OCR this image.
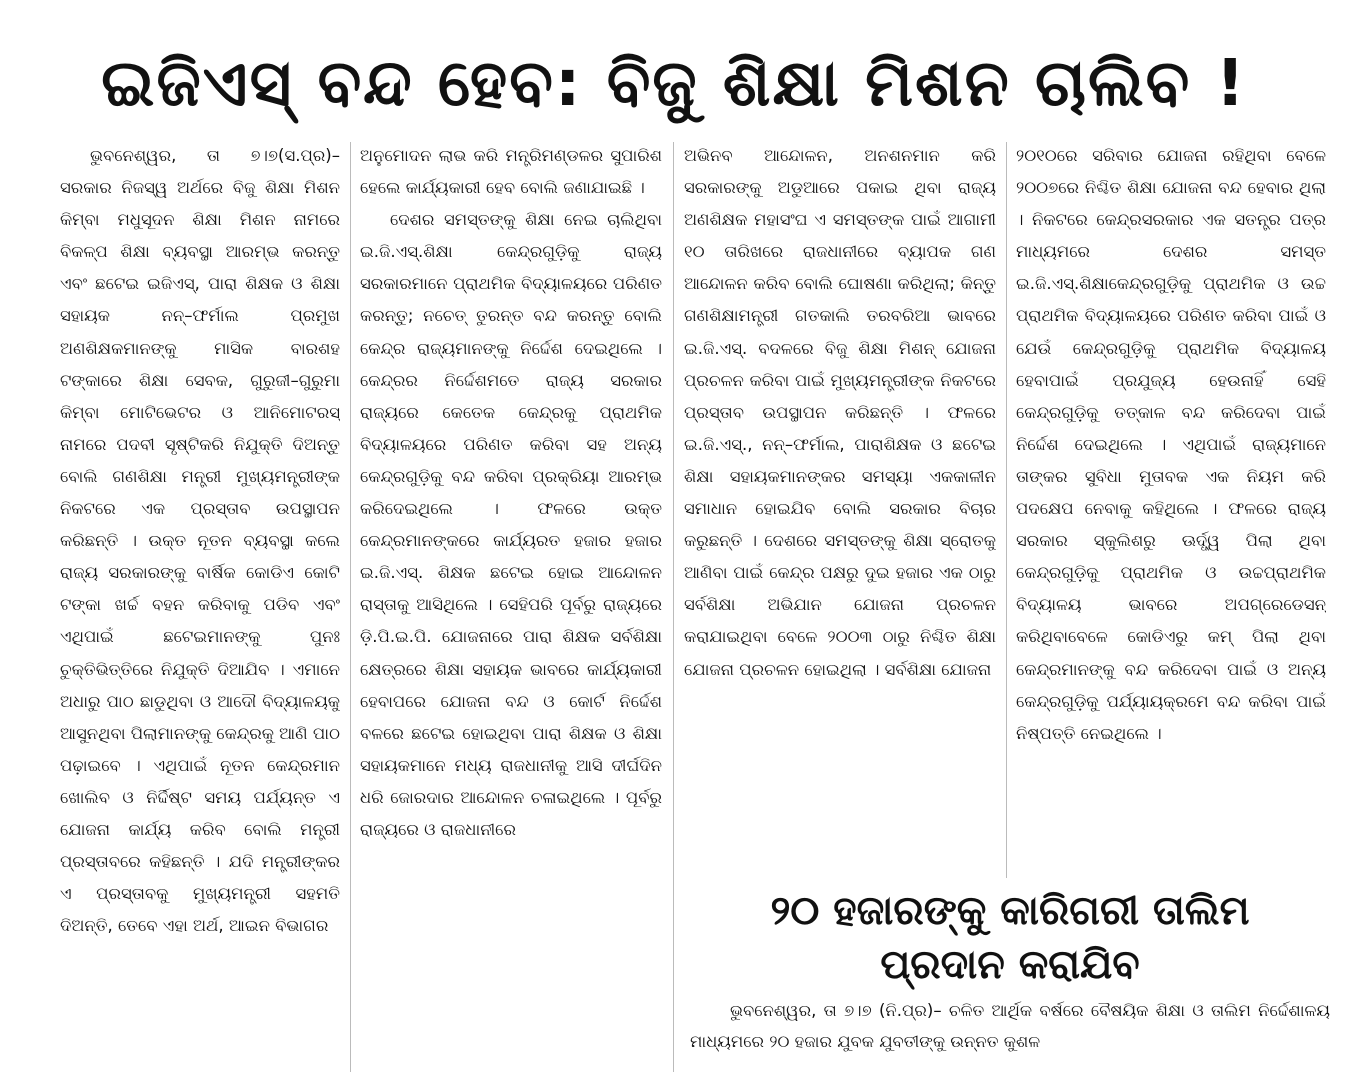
ଇଜିଏସ୍ ବନ୍ଦ ହେବ: ବିଜୁ ଶିକ୍ଷା ମିଶନ ଚାଲିବ !

ଭୁବନେଶ୍ୱର, ତା ୭।୭(ସ.ପ୍ର)– ସରକାର ନିଜସ୍ୱ ଅର୍ଥରେ ବିଜୁ ଶିକ୍ଷା ମିଶନ କିମ୍ବା ମଧୁସୂଦନ ଶିକ୍ଷା ମିଶନ ନାମରେ ବିକଳ୍ପ ଶିକ୍ଷା ବ୍ୟବସ୍ଥା ଆରମ୍ଭ କରନ୍ତୁ ଏବଂ ଛଟେଇ ଇଜିଏସ୍, ପାରା ଶିକ୍ଷକ ଓ ଶିକ୍ଷା ସହାୟକ ନନ୍–ଫର୍ମାଲ ପ୍ରମୁଖ ଅଣଶିକ୍ଷକମାନଙ୍କୁ ମାସିକ ବାରଶହ ଟଙ୍କାରେ ଶିକ୍ଷା ସେବକ, ଗୁରୁଜୀ–ଗୁରୁମା କିମ୍ବା ମୋଟିଭେଟର ଓ ଆନିମୋଟରସ୍ ନାମରେ ପଦବୀ ସୃଷ୍ଟିକରି ନିଯୁକ୍ତି ଦିଅନ୍ତୁ ବୋଲି ଗଣଶିକ୍ଷା ମନ୍ତ୍ରୀ ମୁଖ୍ୟମନ୍ତ୍ରୀଙ୍କ ନିକଟରେ ଏକ ପ୍ରସ୍ତାବ ଉପସ୍ଥାପନ କରିଛନ୍ତି । ଉକ୍ତ ନୂତନ ବ୍ୟବସ୍ଥା କଲେ ରାଜ୍ୟ ସରକାରଙ୍କୁ ବାର୍ଷିକ କୋଡିଏ କୋଟି ଟଙ୍କା ଖର୍ଚ୍ଚ ବହନ କରିବାକୁ ପଡିବ ଏବଂ ଏଥିପାଇଁ ଛଟେଇମାନଙ୍କୁ ପୁନଃ ଚୁକ୍ତିଭିତ୍ତିରେ ନିଯୁକ୍ତି ଦିଆଯିବ । ଏମାନେ ଅଧାରୁ ପାଠ ଛାଡୁଥିବା ଓ ଆଦୌ ବିଦ୍ୟାଳୟକୁ ଆସୁନଥିବା ପିଲାମାନଙ୍କୁ କେନ୍ଦ୍ରକୁ ଆଣି ପାଠ ପଢ଼ାଇବେ । ଏଥିପାଇଁ ନୂତନ କେନ୍ଦ୍ରମାନ ଖୋଲିବ ଓ ନିର୍ଦ୍ଦିଷ୍ଟ ସମୟ ପର୍ଯ୍ୟନ୍ତ ଏ ଯୋଜନା କାର୍ଯ୍ୟ କରିବ ବୋଲି ମନ୍ତ୍ରୀ ପ୍ରସ୍ତାବରେ କହିଛନ୍ତି । ଯଦି ମନ୍ତ୍ରୀଙ୍କର ଏ ପ୍ରସ୍ତାବକୁ ମୁଖ୍ୟମନ୍ତ୍ରୀ ସହମତି ଦିଅନ୍ତି, ତେବେ ଏହା ଅର୍ଥ, ଆଇନ ବିଭାଗର

ଅନୁମୋଦନ ଲାଭ କରି ମନ୍ତ୍ରିମଣ୍ଡଳର ସୁପାରିଶ ହେଲେ କାର୍ଯ୍ୟକାରୀ ହେବ ବୋଲି ଜଣାଯାଇଛି ।

ଦେଶର ସମସ୍ତଙ୍କୁ ଶିକ୍ଷା ନେଇ ଚାଲିଥିବା ଇ.ଜି.ଏସ୍.ଶିକ୍ଷା କେନ୍ଦ୍ରଗୁଡ଼ିକୁ ରାଜ୍ୟ ସରକାରମାନେ ପ୍ରାଥମିକ ବିଦ୍ୟାଳୟରେ ପରିଣତ କରନ୍ତୁ; ନଚେତ୍ ତୁରନ୍ତ ବନ୍ଦ କରନ୍ତୁ ବୋଲି କେନ୍ଦ୍ର ରାଜ୍ୟମାନଙ୍କୁ ନିର୍ଦ୍ଦେଶ ଦେଇଥିଲେ । କେନ୍ଦ୍ରର ନିର୍ଦ୍ଦେଶମତେ ରାଜ୍ୟ ସରକାର ରାଜ୍ୟରେ କେତେକ କେନ୍ଦ୍ରକୁ ପ୍ରାଥମିକ ବିଦ୍ୟାଳୟରେ ପରିଣତ କରିବା ସହ ଅନ୍ୟ କେନ୍ଦ୍ରଗୁଡ଼ିକୁ ବନ୍ଦ କରିବା ପ୍ରକ୍ରିୟା ଆରମ୍ଭ କରିଦେଇଥିଲେ । ଫଳରେ ଉକ୍ତ କେନ୍ଦ୍ରମାନଙ୍କରେ କାର୍ଯ୍ୟରତ ହଜାର ହଜାର ଇ.ଜି.ଏସ୍. ଶିକ୍ଷକ ଛଟେଇ ହୋଇ ଆନ୍ଦୋଳନ ରାସ୍ତାକୁ ଆସିଥିଲେ । ସେହିପରି ପୂର୍ବରୁ ରାଜ୍ୟରେ ଡ଼ି.ପି.ଇ.ପି. ଯୋଜନାରେ ପାରା ଶିକ୍ଷକ ସର୍ବଶିକ୍ଷା କ୍ଷେତ୍ରରେ ଶିକ୍ଷା ସହାୟକ ଭାବରେ କାର୍ଯ୍ୟକାରୀ ହେବାପରେ ଯୋଜନା ବନ୍ଦ ଓ କୋର୍ଟ ନିର୍ଦ୍ଦେଶ ବଳରେ ଛଟେଇ ହୋଇଥିବା ପାରା ଶିକ୍ଷକ ଓ ଶିକ୍ଷା ସହାୟକମାନେ ମଧ୍ୟ ରାଜଧାନୀକୁ ଆସି ଦୀର୍ଘଦିନ ଧରି ଜୋରଦାର ଆନ୍ଦୋଳନ ଚଳାଇଥିଲେ । ପୂର୍ବରୁ ରାଜ୍ୟରେ ଓ ରାଜଧାନୀରେ

ଅଭିନବ ଆନ୍ଦୋଳନ, ଅନଶନମାନ କରି ସରକାରଙ୍କୁ ଅଡୁଆରେ ପକାଇ ଥିବା ରାଜ୍ୟ ଅଣଶିକ୍ଷକ ମହାସଂଘ ଏ ସମସ୍ତଙ୍କ ପାଇଁ ଆଗାମୀ ୧୦ ତାରିଖରେ ରାଜଧାନୀରେ ବ୍ୟାପକ ଗଣ ଆନ୍ଦୋଳନ କରିବ ବୋଲି ଘୋଷଣା କରିଥିଲା; କିନ୍ତୁ ଗଣଶିକ୍ଷାମନ୍ତ୍ରୀ ଗତକାଲି ତରବରିଆ ଭାବରେ ଇ.ଜି.ଏସ୍. ବଦଳରେ ବିଜୁ ଶିକ୍ଷା ମିଶନ୍ ଯୋଜନା ପ୍ରଚଳନ କରିବା ପାଇଁ ମୁଖ୍ୟମନ୍ତ୍ରୀଙ୍କ ନିକଟରେ ପ୍ରସ୍ତାବ ଉପସ୍ଥାପନ କରିଛନ୍ତି । ଫଳରେ ଇ.ଜି.ଏସ୍., ନନ୍–ଫର୍ମାଲ, ପାରାଶିକ୍ଷକ ଓ ଛଟେଇ ଶିକ୍ଷା ସହାୟକମାନଙ୍କର ସମସ୍ୟା ଏକକାଳୀନ ସମାଧାନ ହୋଇଯିବ ବୋଲି ସରକାର ବିଚାର କରୁଛନ୍ତି । ଦେଶରେ ସମସ୍ତଙ୍କୁ ଶିକ୍ଷା ସ୍ରୋତକୁ ଆଣିବା ପାଇଁ କେନ୍ଦ୍ର ପକ୍ଷରୁ ଦୁଇ ହଜାର ଏକ ଠାରୁ ସର୍ବଶିକ୍ଷା ଅଭିଯାନ ଯୋଜନା ପ୍ରଚଳନ କରାଯାଇଥିବା ବେଳେ ୨୦୦୩ ଠାରୁ ନିଶ୍ଚିତ ଶିକ୍ଷା ଯୋଜନା ପ୍ରଚଳନ ହୋଇଥିଲା । ସର୍ବଶିକ୍ଷା ଯୋଜନା

୨୦୧୦ରେ ସରିବାର ଯୋଜନା ରହିଥିବା ବେଳେ ୨୦୦୭ରେ ନିଶ୍ଚିତ ଶିକ୍ଷା ଯୋଜନା ବନ୍ଦ ହେବାର ଥିଲା । ନିକଟରେ କେନ୍ଦ୍ରସରକାର ଏକ ସତନ୍ତ୍ର ପତ୍ର ମାଧ୍ୟମରେ ଦେଶର ସମସ୍ତ ଇ.ଜି.ଏସ୍.ଶିକ୍ଷାକେନ୍ଦ୍ରଗୁଡ଼ିକୁ ପ୍ରାଥମିକ ଓ ଉଚ୍ଚ ପ୍ରାଥମିକ ବିଦ୍ୟାଳୟରେ ପରିଣତ କରିବା ପାଇଁ ଓ ଯେଉଁ କେନ୍ଦ୍ରଗୁଡ଼ିକୁ ପ୍ରାଥମିକ ବିଦ୍ୟାଳୟ ହେବାପାଇଁ ପ୍ରଯୁଜ୍ୟ ହେଉନାହିଁ ସେହି କେନ୍ଦ୍ରଗୁଡ଼ିକୁ ତତ୍କାଳ ବନ୍ଦ କରିଦେବା ପାଇଁ ନିର୍ଦ୍ଦେଶ ଦେଇଥିଲେ । ଏଥିପାଇଁ ରାଜ୍ୟମାନେ ତାଙ୍କର ସୁବିଧା ମୁତାବକ ଏକ ନିୟମ କରି ପଦକ୍ଷେପ ନେବାକୁ କହିଥିଲେ । ଫଳରେ ରାଜ୍ୟ ସରକାର ସ୍କୁଲିଶରୁ ଊର୍ଦ୍ଧ୍ୱ ପିଲା ଥିବା କେନ୍ଦ୍ରଗୁଡ଼ିକୁ ପ୍ରାଥମିକ ଓ ଉଚ୍ଚପ୍ରାଥମିକ ବିଦ୍ୟାଳୟ ଭାବରେ ଅପଗ୍ରେଡେସନ୍ କରିଥିବାବେଳେ କୋଡିଏରୁ କମ୍ ପିଲା ଥିବା କେନ୍ଦ୍ରମାନଙ୍କୁ ବନ୍ଦ କରିଦେବା ପାଇଁ ଓ ଅନ୍ୟ କେନ୍ଦ୍ରଗୁଡ଼ିକୁ ପର୍ଯ୍ୟାୟକ୍ରମେ ବନ୍ଦ କରିବା ପାଇଁ ନିଷ୍ପତ୍ତି ନେଇଥିଲେ ।

୨୦ ହଜାରଙ୍କୁ କାରିଗରୀ ତାଲିମ
ପ୍ରଦାନ କରାଯିବ
ଭୁବନେଶ୍ୱର, ତା ୭।୭ (ନି.ପ୍ର)– ଚଳିତ ଆର୍ଥିକ ବର୍ଷରେ ବୈଷୟିକ ଶିକ୍ଷା ଓ ତାଲିମ ନିର୍ଦ୍ଦେଶାଳୟ ମାଧ୍ୟମରେ ୨୦ ହଜାର ଯୁବକ ଯୁବତୀଙ୍କୁ ଉନ୍ନତ କୁଶଳ
